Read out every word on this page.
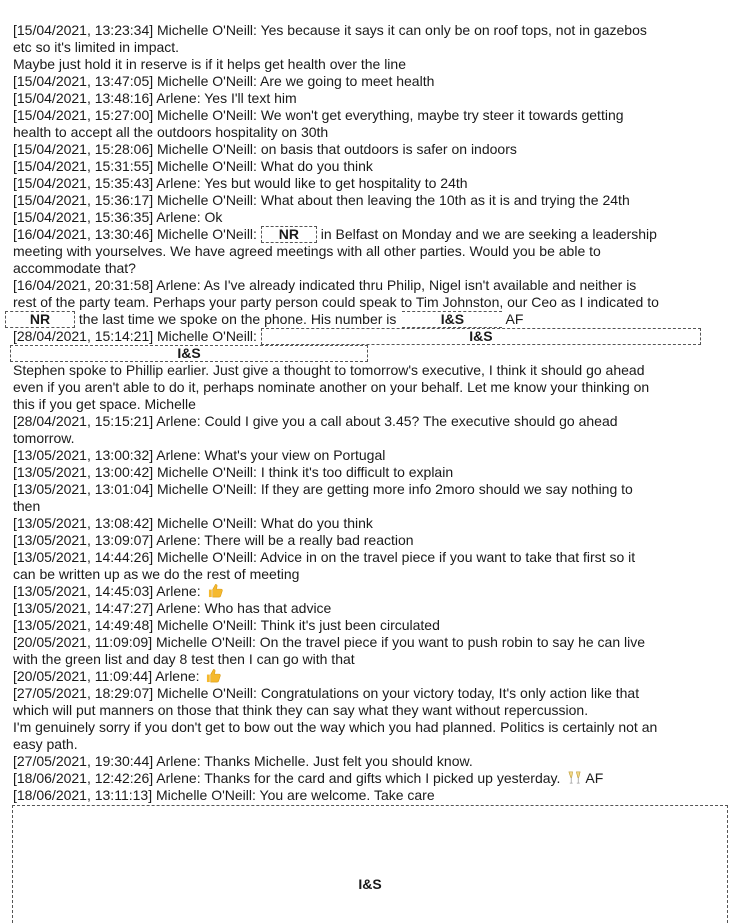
[15/04/2021, 13:23:34] Michelle O'Neill: Yes because it says it can only be on roof tops, not in gazebos
etc so it's limited in impact.
Maybe just hold it in reserve is if it helps get health over the line
[15/04/2021, 13:47:05] Michelle O'Neill: Are we going to meet health
[15/04/2021, 13:48:16] Arlene: Yes I'll text him
[15/04/2021, 15:27:00] Michelle O'Neill: We won't get everything, maybe try steer it towards getting
health to accept all the outdoors hospitality on 30th
[15/04/2021, 15:28:06] Michelle O'Neill: on basis that outdoors is safer on indoors
[15/04/2021, 15:31:55] Michelle O'Neill: What do you think
[15/04/2021, 15:35:43] Arlene: Yes but would like to get hospitality to 24th
[15/04/2021, 15:36:17] Michelle O'Neill: What about then leaving the 10th as it is and trying the 24th
[15/04/2021, 15:36:35] Arlene: Ok
[16/04/2021, 13:30:46] Michelle O'Neill: NR in Belfast on Monday and we are seeking a leadership
meeting with yourselves. We have agreed meetings with all other parties. Would you be able to
accommodate that?
[16/04/2021, 20:31:58] Arlene: As I've already indicated thru Philip, Nigel isn't available and neither is
rest of the party team. Perhaps your party person could speak to Tim Johnston, our Ceo as I indicated to
NR the last time we spoke on the phone. His number is	I&S	AF
[28/04/2021, 15:14:21] Michelle O'Neill:	I&S
I&S
Stephen spoke to Phillip earlier. Just give a thought to tomorrow's executive, I think it should go ahead
even if you aren't able to do it, perhaps nominate another on your behalf. Let me know your thinking on
this if you get space. Michelle
[28/04/2021, 15:15:21] Arlene: Could I give you a call about 3.45? The executive should go ahead
tomorrow.
[13/05/2021, 13:00:32] Arlene: What's your view on Portugal
[13/05/2021, 13:00:42] Michelle O'Neill: I think it's too difficult to explain
[13/05/2021, 13:01:04] Michelle O'Neill: If they are getting more info 2moro should we say nothing to
then
[13/05/2021, 13:08:42] Michelle O'Neill: What do you think
[13/05/2021, 13:09:07] Arlene: There will be a really bad reaction
[13/05/2021, 14:44:26] Michelle O'Neill: Advice in on the travel piece if you want to take that first so it
can be written up as we do the rest of meeting
[13/05/2021, 14:45:03] Arlene:
[13/05/2021, 14:47:27] Arlene: Who has that advice
[13/05/2021, 14:49:48] Michelle O'Neill: Think it's just been circulated
[20/05/2021, 11:09:09] Michelle O'Neill: On the travel piece if you want to push robin to say he can live
with the green list and day 8 test then I can go with that
[20/05/2021, 11:09:44] Arlene:
[27/05/2021, 18:29:07] Michelle O'Neill: Congratulations on your victory today, It's only action like that
which will put manners on those that think they can say what they want without repercussion.
I'm genuinely sorry if you don't get to bow out the way which you had planned. Politics is certainly not an
easy path.
[27/05/2021, 19:30:44] Arlene: Thanks Michelle. Just felt you should know.
[18/06/2021, 12:42:26] Arlene: Thanks for the card and gifts which I picked up yesterday. AF
[18/06/2021, 13:11:13] Michelle O'Neill: You are welcome. Take care
I&S
